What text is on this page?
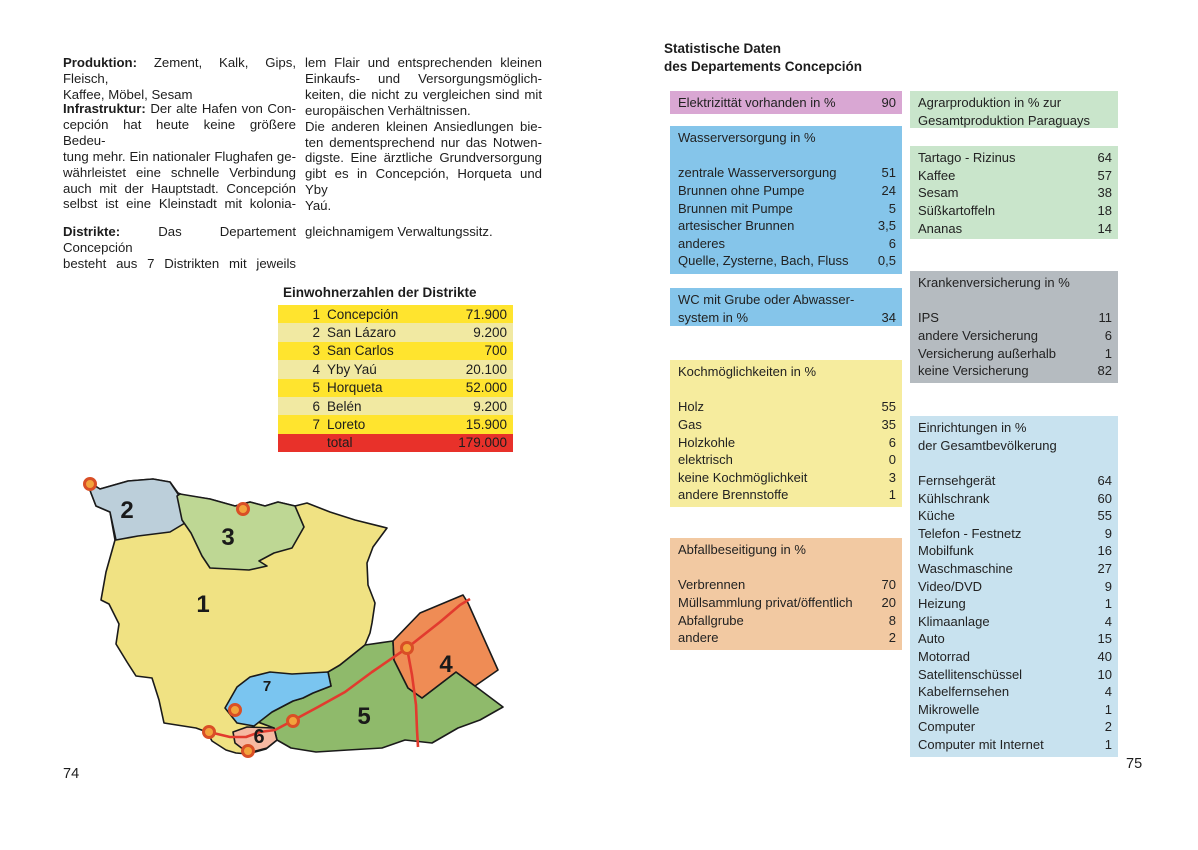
Produktion: Zement, Kalk, Gips, Fleisch,
Kaffee, Möbel, Sesam
Infrastruktur: Der alte Hafen von Con-
cepción hat heute keine größere Bedeu-
tung mehr. Ein nationaler Flughafen ge-
währleistet eine schnelle Verbindung
auch mit der Hauptstadt. Concepción
selbst ist eine Kleinstadt mit kolonia-
Distrikte: Das Departement Concepción
besteht aus 7 Distrikten mit jeweils
lem Flair und entsprechenden kleinen
Einkaufs- und Versorgungsmöglich-
keiten, die nicht zu vergleichen sind mit
europäischen Verhältnissen.
Die anderen kleinen Ansiedlungen bie-
ten dementsprechend nur das Notwen-
digste. Eine ärztliche Grundversorgung
gibt es in Concepción, Horqueta und Yby
Yaú.
gleichnamigem Verwaltungssitz.
Einwohnerzahlen der Distrikte
1 Concepción	71.900
2 San Lázaro	9.200
3 San Carlos	700
4 Yby Yaú	20.100
5 Horqueta	52.000
6 Belén	9.200
7 Loreto	15.900
total	179.000
1
2
3
4
5
6
7
74
Statistische Daten
des Departements Concepción
Elektrizittät vorhanden in %	90
Wasserversorgung in %
zentrale Wasserversorgung	51
Brunnen ohne Pumpe	24
Brunnen mit Pumpe	5
artesischer Brunnen	3,5
anderes	6
Quelle, Zysterne, Bach, Fluss	0,5
WC mit Grube oder Abwasser-
system in %	34
Kochmöglichkeiten in %
Holz	55
Gas	35
Holzkohle	6
elektrisch	0
keine Kochmöglichkeit	3
andere Brennstoffe	1
Abfallbeseitigung in %
Verbrennen	70
Müllsammlung privat/öffentlich	20
Abfallgrube	8
andere	2
Agrarproduktion in % zur
Gesamtproduktion Paraguays
Tartago - Rizinus	64
Kaffee	57
Sesam	38
Süßkartoffeln	18
Ananas	14
Krankenversicherung in %
IPS	11
andere Versicherung	6
Versicherung außerhalb	1
keine Versicherung	82
Einrichtungen in %
der Gesamtbevölkerung
Fernsehgerät	64
Kühlschrank	60
Küche	55
Telefon - Festnetz	9
Mobilfunk	16
Waschmaschine	27
Video/DVD	9
Heizung	1
Klimaanlage	4
Auto	15
Motorrad	40
Satellitenschüssel	10
Kabelfernsehen	4
Mikrowelle	1
Computer	2
Computer mit Internet	1
75
